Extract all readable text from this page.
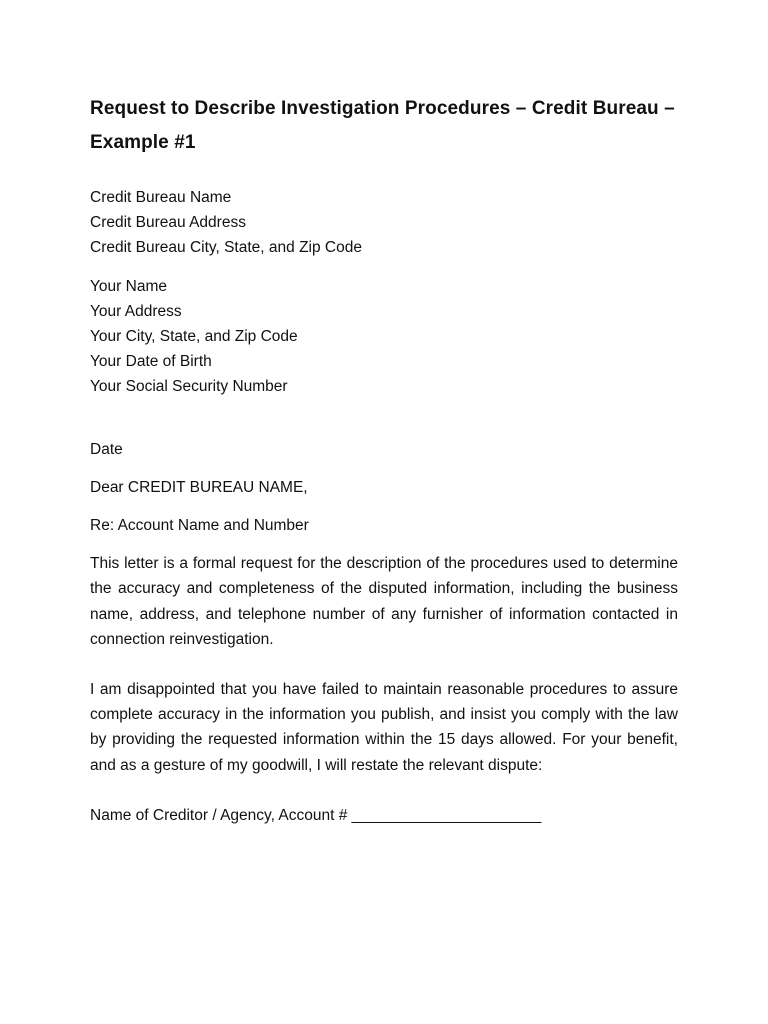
Request to Describe Investigation Procedures – Credit Bureau – Example #1

Credit Bureau Name

Credit Bureau Address

Credit Bureau City, State, and Zip Code

Your Name

Your Address

Your City, State, and Zip Code

Your Date of Birth

Your Social Security Number

Date

Dear CREDIT BUREAU NAME,

Re: Account Name and Number

This letter is a formal request for the description of the procedures used to determine the accuracy and completeness of the disputed information, including the business name, address, and telephone number of any furnisher of information contacted in connection reinvestigation.

I am disappointed that you have failed to maintain reasonable procedures to assure complete accuracy in the information you publish, and insist you comply with the law by providing the requested information within the 15 days allowed. For your benefit, and as a gesture of my goodwill, I will restate the relevant dispute:

Name of Creditor / Agency, Account # ______________________
